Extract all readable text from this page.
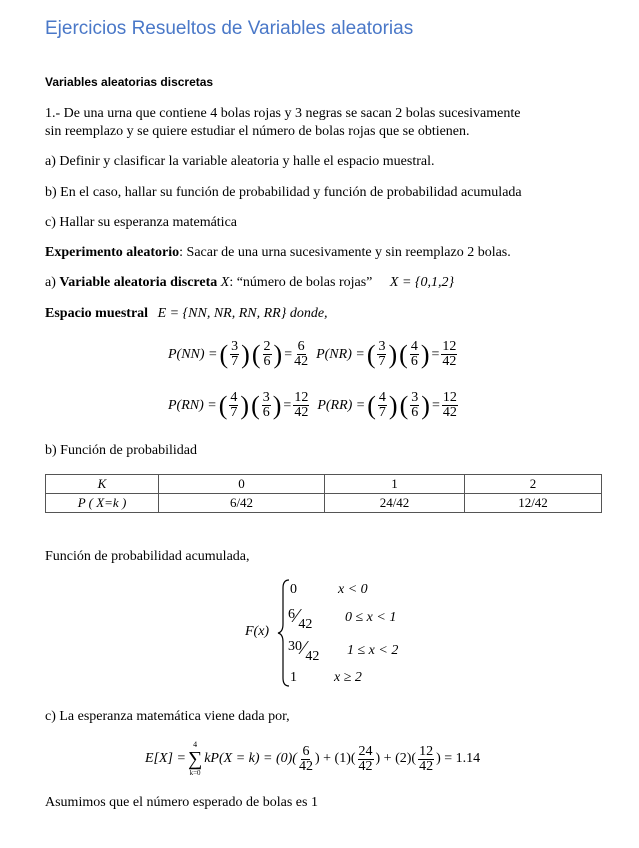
Ejercicios Resueltos de Variables aleatorias
Variables aleatorias discretas
1.- De una urna que contiene 4 bolas rojas y 3 negras se sacan 2 bolas sucesivamente
sin reemplazo y se quiere estudiar el número de bolas rojas que se obtienen.
a) Definir y clasificar la variable aleatoria y halle el espacio muestral.
b) En el caso, hallar su función de probabilidad y función de probabilidad acumulada
c) Hallar su esperanza matemática
Experimento aleatorio: Sacar de una urna sucesivamente y sin reemplazo 2 bolas.
a) Variable aleatoria discreta X: “número de bolas rojas” X = {0,1,2}
Espacio muestral E = {NN, NR, RN, RR} donde,
P(NN) = ( $\frac{3}{7}$ ) ( $\frac{2}{6}$ ) = $\frac{6}{42} P(NR)$ = ( $\frac{3}{7}$ ) ( $\frac{4}{6}$ ) = $\frac{12}{42}$
P(RN) = ( $\frac{4}{7}$ ) ( $\frac{3}{6}$ ) = $\frac{12}{42} P(RR)$ = ( $\frac{4}{7}$ ) ( $\frac{3}{6}$ ) = $\frac{12}{42}$
b) Función de probabilidad
K	0	1	2
P ( X=k )	6/42	24/42	12/42
Función de probabilidad acumulada,
F(x)
0	x < 0
6⁄42 0 ≤ x < 1
30⁄42 1 ≤ x < 2
1	x ≥ 2
c) La esperanza matemática viene dada por,
E[X] =
4
∑
k=0
$kP(X = k) = (0)( \frac{6}{42}$ ) + $(1)( \frac{24}{42}$ ) + $(2)( \frac{12}{42}$ ) = 1.14
Asumimos que el número esperado de bolas es 1
